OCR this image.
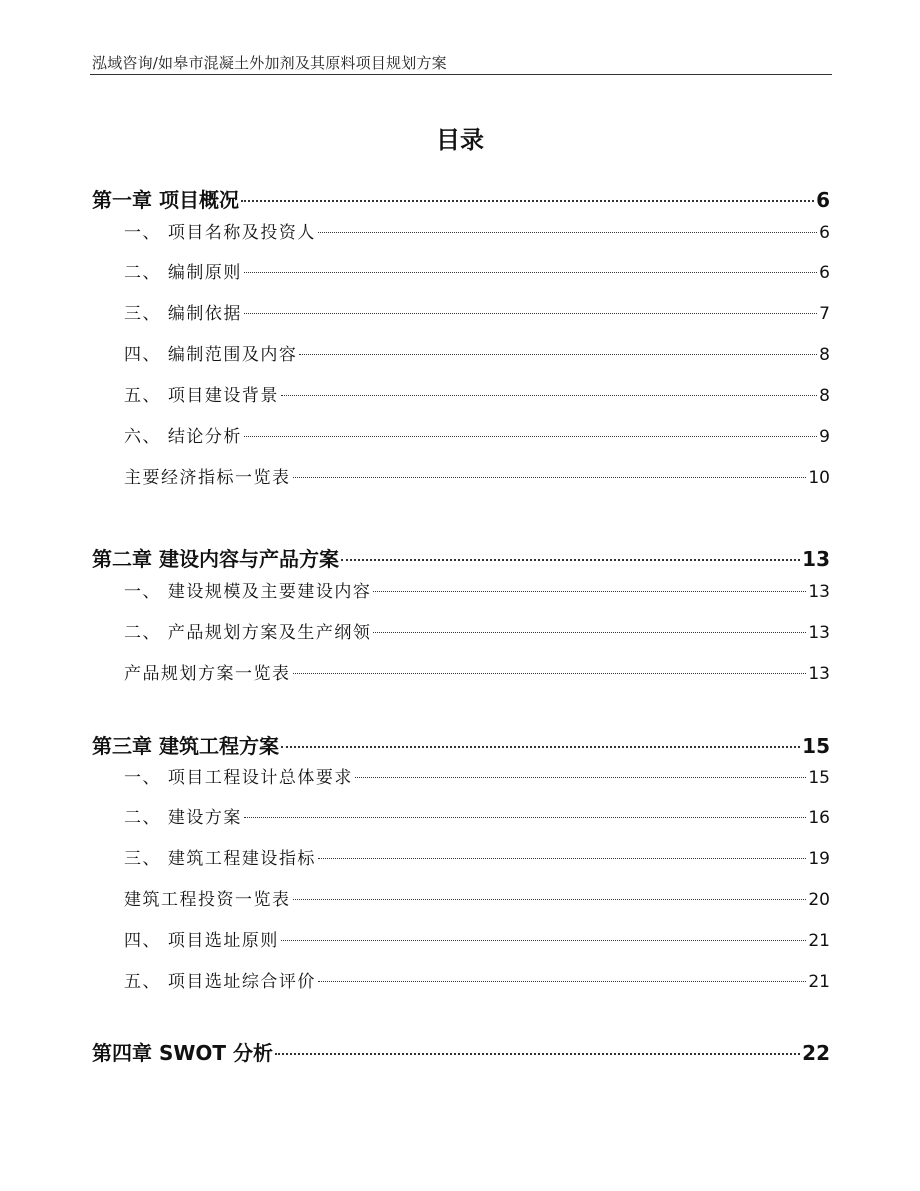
泓域咨询/如皋市混凝土外加剂及其原料项目规划方案
目录
第一章 项目概况	6
一、 项目名称及投资人	6
二、 编制原则	6
三、 编制依据	7
四、 编制范围及内容	8
五、 项目建设背景	8
六、 结论分析	9
主要经济指标一览表	10
第二章 建设内容与产品方案	13
一、 建设规模及主要建设内容	13
二、 产品规划方案及生产纲领	13
产品规划方案一览表	13
第三章 建筑工程方案	15
一、 项目工程设计总体要求	15
二、 建设方案	16
三、 建筑工程建设指标	19
建筑工程投资一览表	20
四、 项目选址原则	21
五、 项目选址综合评价	21
第四章 SWOT 分析	22
